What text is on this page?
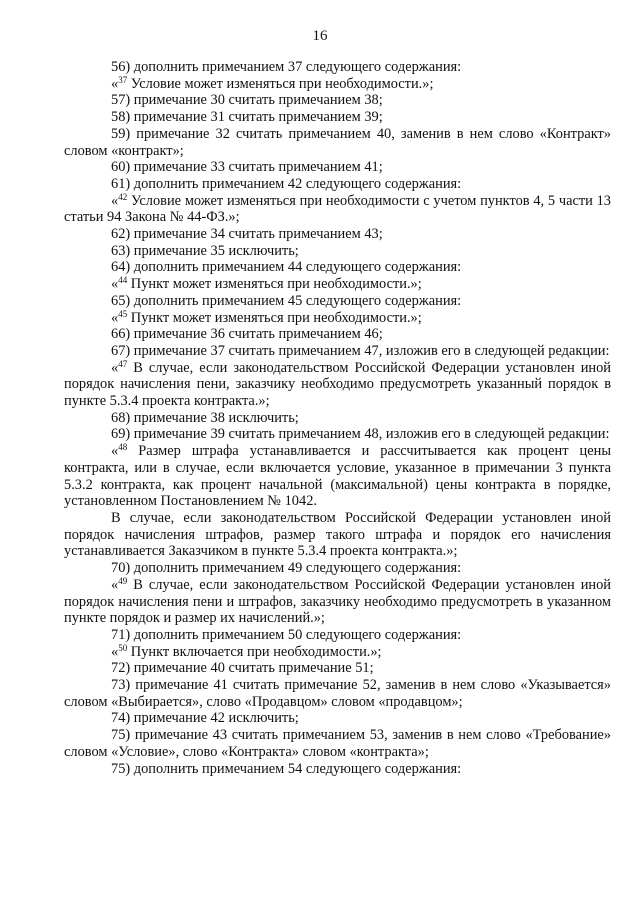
16

56) дополнить примечанием 37 следующего содержания:

«$^{37}$ Условие может изменяться при необходимости.»;

57) примечание 30 считать примечанием 38;

58) примечание 31 считать примечанием 39;

59) примечание 32 считать примечанием 40, заменив в нем слово «Контракт» словом «контракт»;

60) примечание 33 считать примечанием 41;

61) дополнить примечанием 42 следующего содержания:

«$^{42}$ Условие может изменяться при необходимости с учетом пунктов 4, 5 части 13 статьи 94 Закона № 44-ФЗ.»;

62) примечание 34 считать примечанием 43;

63) примечание 35 исключить;

64) дополнить примечанием 44 следующего содержания:

«$^{44}$ Пункт может изменяться при необходимости.»;

65) дополнить примечанием 45 следующего содержания:

«$^{45}$ Пункт может изменяться при необходимости.»;

66) примечание 36 считать примечанием 46;

67) примечание 37 считать примечанием 47, изложив его в следующей редакции:

«$^{47}$ В случае, если законодательством Российской Федерации установлен иной порядок начисления пени, заказчику необходимо предусмотреть указанный порядок в пункте 5.3.4 проекта контракта.»;

68) примечание 38 исключить;

69) примечание 39 считать примечанием 48, изложив его в следующей редакции:

«$^{48}$ Размер штрафа устанавливается и рассчитывается как процент цены контракта, или в случае, если включается условие, указанное в примечании 3 пункта 5.3.2 контракта, как процент начальной (максимальной) цены контракта в порядке, установленном Постановлением № 1042.

В случае, если законодательством Российской Федерации установлен иной порядок начисления штрафов, размер такого штрафа и порядок его начисления устанавливается Заказчиком в пункте 5.3.4 проекта контракта.»;

70) дополнить примечанием 49 следующего содержания:

«$^{49}$ В случае, если законодательством Российской Федерации установлен иной порядок начисления пени и штрафов, заказчику необходимо предусмотреть в указанном пункте порядок и размер их начислений.»;

71) дополнить примечанием 50 следующего содержания:

«$^{50}$ Пункт включается при необходимости.»;

72) примечание 40 считать примечание 51;

73) примечание 41 считать примечание 52, заменив в нем слово «Указывается» словом «Выбирается», слово «Продавцом» словом «продавцом»;

74) примечание 42 исключить;

75) примечание 43 считать примечанием 53, заменив в нем слово «Требование» словом «Условие», слово «Контракта» словом «контракта»;

75) дополнить примечанием 54 следующего содержания:
